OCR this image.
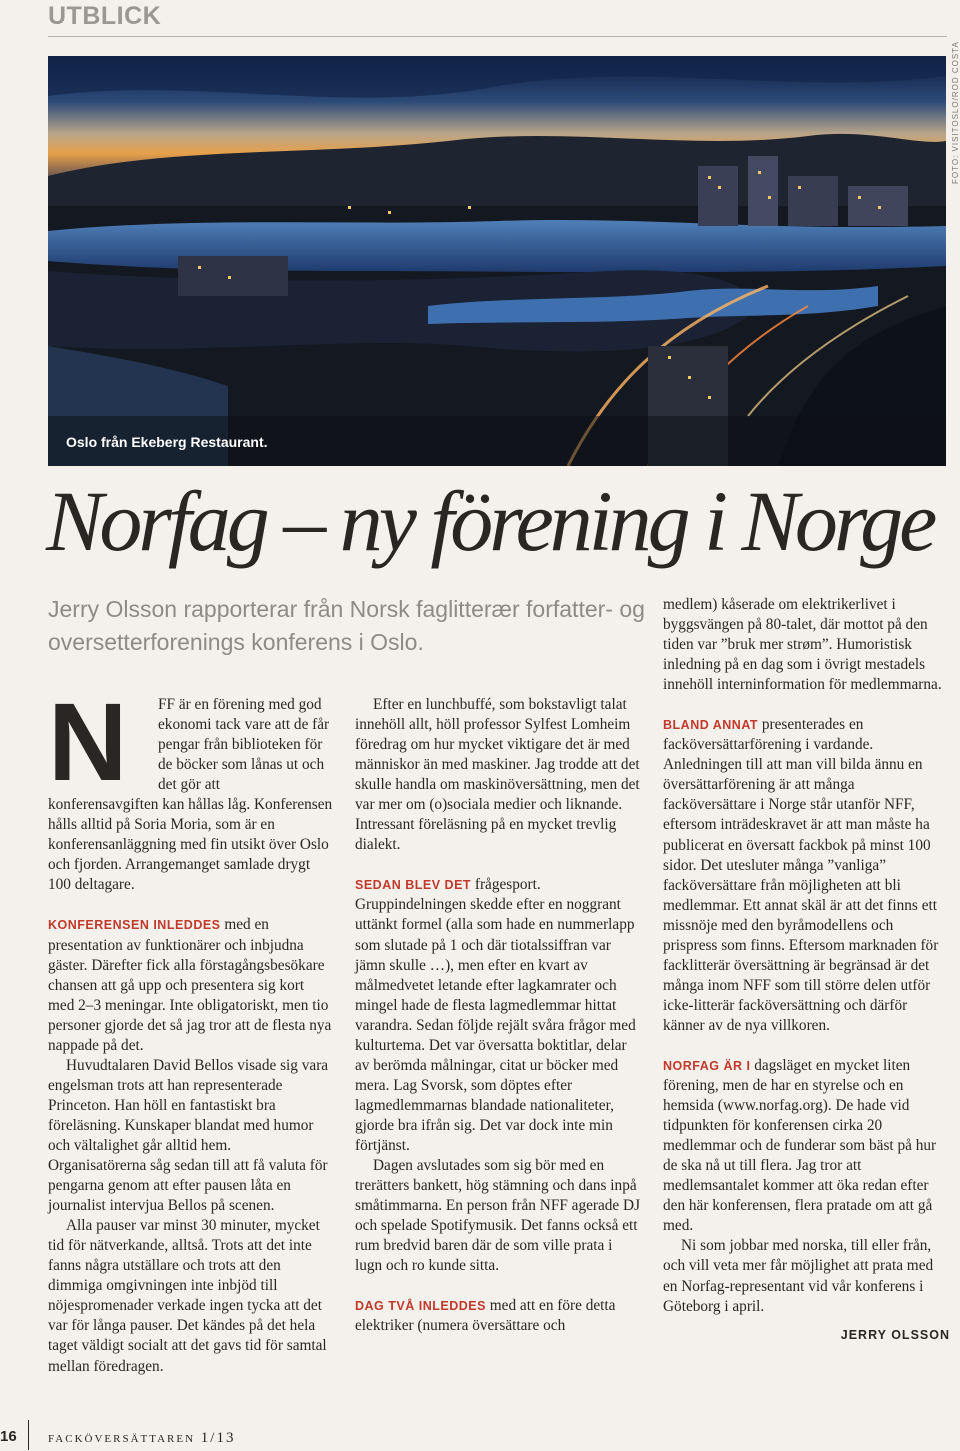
UTBLICK
Oslo från Ekeberg Restaurant.
FOTO: VISITOSLO/ROD COSTA
Norfag – ny förening i Norge
Jerry Olsson rapporterar från Norsk faglitterær forfatter- og oversetterforenings konferens i Oslo.
N	FF är en förening med god ekonomi tack vare att de får pengar från biblioteken för de böcker som lånas ut och det gör att konferensavgiften kan hållas låg. Konferensen hålls alltid på Soria Moria, som är en konferensanläggning med fin utsikt över Oslo och fjorden. Arrangemanget samlade drygt 100 deltagare.

KONFERENSEN INLEDDES med en presentation av funktionärer och inbjudna gäster. Därefter fick alla förstagångsbesökare chansen att gå upp och presentera sig kort med 2–3 meningar. Inte obligatoriskt, men tio personer gjorde det så jag tror att de flesta nya nappade på det.

Huvudtalaren David Bellos visade sig vara engelsman trots att han representerade Princeton. Han höll en fantastiskt bra föreläsning. Kunskaper blandat med humor och vältalighet går alltid hem. Organisatörerna såg sedan till att få valuta för pengarna genom att efter pausen låta en journalist intervjua Bellos på scenen.

Alla pauser var minst 30 minuter, mycket tid för nätverkande, alltså. Trots att det inte fanns några utställare och trots att den dimmiga omgivningen inte inbjöd till nöjespromenader verkade ingen tycka att det var för långa pauser. Det kändes på det hela taget väldigt socialt att det gavs tid för samtal mellan föredragen.

Efter en lunchbuffé, som bokstavligt talat innehöll allt, höll professor Sylfest Lomheim föredrag om hur mycket viktigare det är med människor än med maskiner. Jag trodde att det skulle handla om maskinöversättning, men det var mer om (o)sociala medier och liknande. Intressant föreläsning på en mycket trevlig dialekt.

SEDAN BLEV DET frågesport. Gruppindelningen skedde efter en noggrant uttänkt formel (alla som hade en nummerlapp som slutade på 1 och där tiotalssiffran var jämn skulle …), men efter en kvart av målmedvetet letande efter lagkamrater och mingel hade de flesta lagmedlemmar hittat varandra. Sedan följde rejält svåra frågor med kulturtema. Det var översatta boktitlar, delar av berömda målningar, citat ur böcker med mera. Lag Svorsk, som döptes efter lagmedlemmarnas blandade nationaliteter, gjorde bra ifrån sig. Det var dock inte min förtjänst.

Dagen avslutades som sig bör med en trerätters bankett, hög stämning och dans inpå småtimmarna. En person från NFF agerade DJ och spelade Spotifymusik. Det fanns också ett rum bredvid baren där de som ville prata i lugn och ro kunde sitta.

DAG TVÅ INLEDDES med att en före detta elektriker (numera översättare och

medlem) kåserade om elektrikerlivet i byggsvängen på 80-talet, där mottot på den tiden var ”bruk mer strøm”. Humoristisk inledning på en dag som i övrigt mestadels innehöll interninformation för medlemmarna.

BLAND ANNAT presenterades en facköversättarförening i vardande. Anledningen till att man vill bilda ännu en översättarförening är att många facköversättare i Norge står utanför NFF, eftersom inträdeskravet är att man måste ha publicerat en översatt fackbok på minst 100 sidor. Det utesluter många ”vanliga” facköversättare från möjligheten att bli medlemmar. Ett annat skäl är att det finns ett missnöje med den byråmodellens och prispress som finns. Eftersom marknaden för facklitterär översättning är begränsad är det många inom NFF som till större delen utför icke-litterär facköversättning och därför känner av de nya villkoren.

NORFAG ÄR I dagsläget en mycket liten förening, men de har en styrelse och en hemsida (www.norfag.org). De hade vid tidpunkten för konferensen cirka 20 medlemmar och de funderar som bäst på hur de ska nå ut till flera. Jag tror att medlemsantalet kommer att öka redan efter den här konferensen, flera pratade om att gå med.

Ni som jobbar med norska, till eller från, och vill veta mer får möjlighet att prata med en Norfag-representant vid vår konferens i Göteborg i april.

JERRY OLSSON
16 facköversättaren 1/13
